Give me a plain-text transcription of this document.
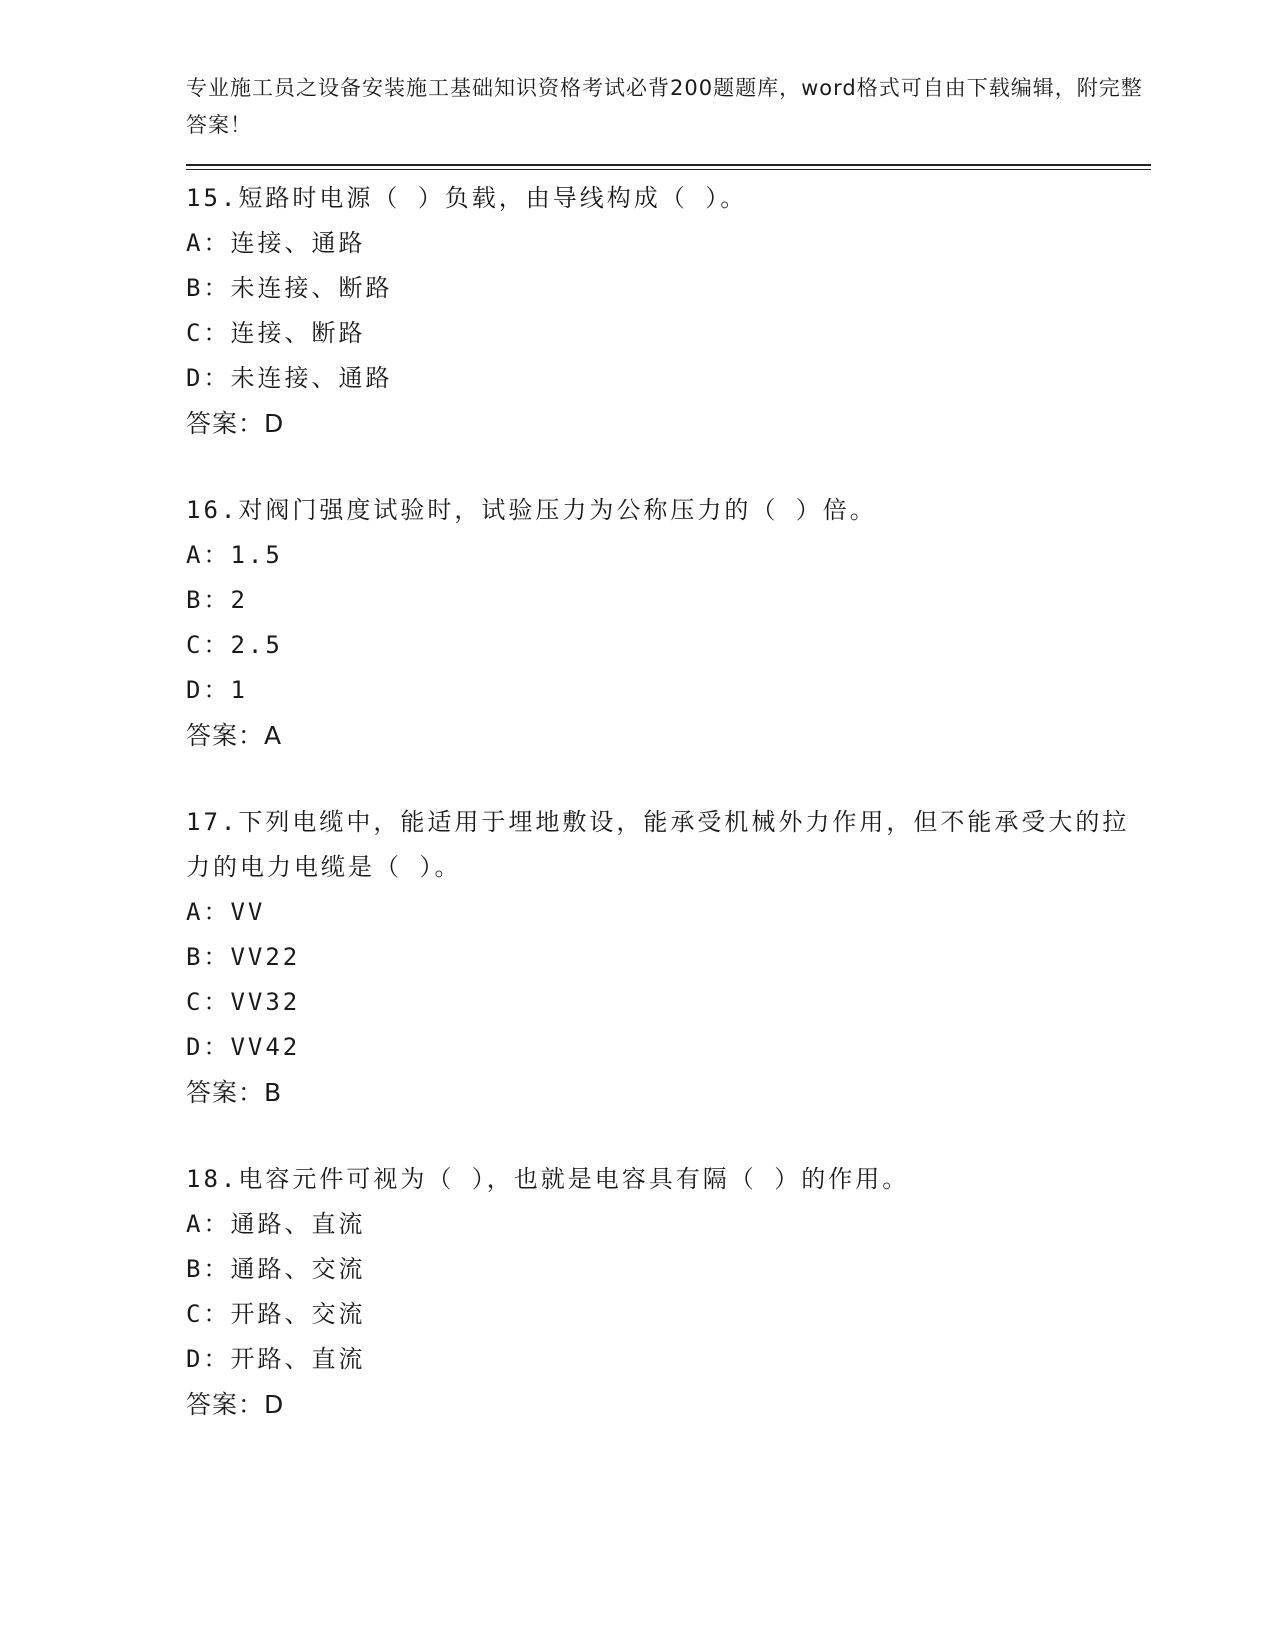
专业施工员之设备安装施工基础知识资格考试必背200题题库，word格式可自由下载编辑，附完整答案！

15.短路时电源（ ）负载，由导线构成（ ）。

A：连接、通路

B：未连接、断路

C：连接、断路

D：未连接、通路

答案：D

16.对阀门强度试验时，试验压力为公称压力的（ ）倍。

A：1.5

B：2

C：2.5

D：1

答案：A

17.下列电缆中，能适用于埋地敷设，能承受机械外力作用，但不能承受大的拉力的电力电缆是（ ）。

A：VV

B：VV22

C：VV32

D：VV42

答案：B

18.电容元件可视为（ ），也就是电容具有隔（ ）的作用。

A：通路、直流

B：通路、交流

C：开路、交流

D：开路、直流

答案：D
